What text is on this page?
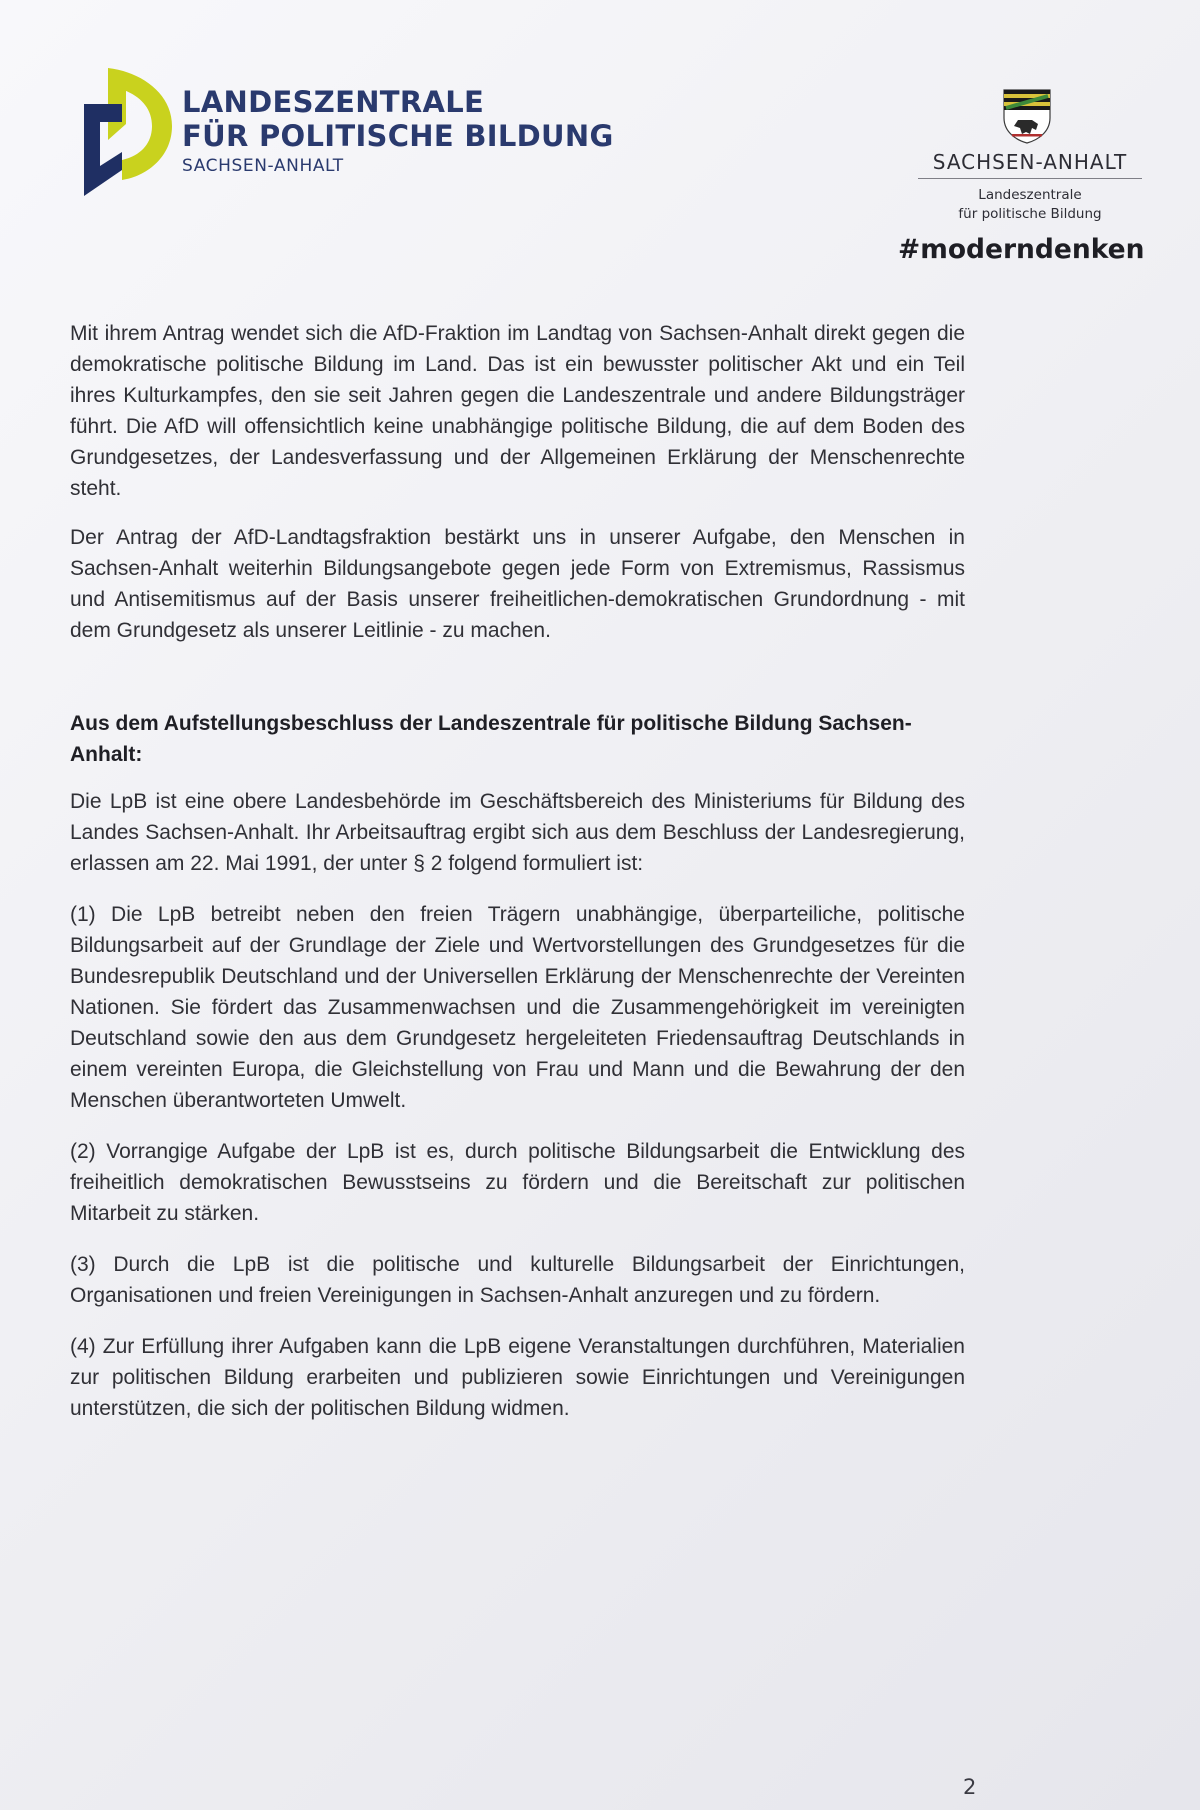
LANDESZENTRALE
FÜR POLITISCHE BILDUNG
SACHSEN-ANHALT	SACHSEN-ANHALT
Landeszentrale
für politische Bildung
#moderndenken

Mit ihrem Antrag wendet sich die AfD-Fraktion im Landtag von Sachsen-Anhalt direkt gegen die demokratische politische Bildung im Land. Das ist ein bewusster politischer Akt und ein Teil ihres Kulturkampfes, den sie seit Jahren gegen die Landeszentrale und andere Bildungsträger führt. Die AfD will offensichtlich keine unabhängige politische Bildung, die auf dem Boden des Grundgesetzes, der Landesverfassung und der Allgemeinen Erklärung der Menschenrechte steht.

Der Antrag der AfD-Landtagsfraktion bestärkt uns in unserer Aufgabe, den Menschen in Sachsen-Anhalt weiterhin Bildungsangebote gegen jede Form von Extremismus, Rassismus und Antisemitismus auf der Basis unserer freiheitlichen-demokratischen Grundordnung - mit dem Grundgesetz als unserer Leitlinie - zu machen.

Aus dem Aufstellungsbeschluss der Landeszentrale für politische Bildung Sachsen-Anhalt:

Die LpB ist eine obere Landesbehörde im Geschäftsbereich des Ministeriums für Bildung des Landes Sachsen-Anhalt. Ihr Arbeitsauftrag ergibt sich aus dem Beschluss der Landesregierung, erlassen am 22. Mai 1991, der unter § 2 folgend formuliert ist:

(1) Die LpB betreibt neben den freien Trägern unabhängige, überparteiliche, politische Bildungsarbeit auf der Grundlage der Ziele und Wertvorstellungen des Grundgesetzes für die Bundesrepublik Deutschland und der Universellen Erklärung der Menschenrechte der Vereinten Nationen. Sie fördert das Zusammenwachsen und die Zusammengehörigkeit im vereinigten Deutschland sowie den aus dem Grundgesetz hergeleiteten Friedensauftrag Deutschlands in einem vereinten Europa, die Gleichstellung von Frau und Mann und die Bewahrung der den Menschen überantworteten Umwelt.

(2) Vorrangige Aufgabe der LpB ist es, durch politische Bildungsarbeit die Entwicklung des freiheitlich demokratischen Bewusstseins zu fördern und die Bereitschaft zur politischen Mitarbeit zu stärken.

(3) Durch die LpB ist die politische und kulturelle Bildungsarbeit der Einrichtungen, Organisationen und freien Vereinigungen in Sachsen-Anhalt anzuregen und zu fördern.

(4) Zur Erfüllung ihrer Aufgaben kann die LpB eigene Veranstaltungen durchführen, Materialien zur politischen Bildung erarbeiten und publizieren sowie Einrichtungen und Vereinigungen unterstützen, die sich der politischen Bildung widmen.

2
